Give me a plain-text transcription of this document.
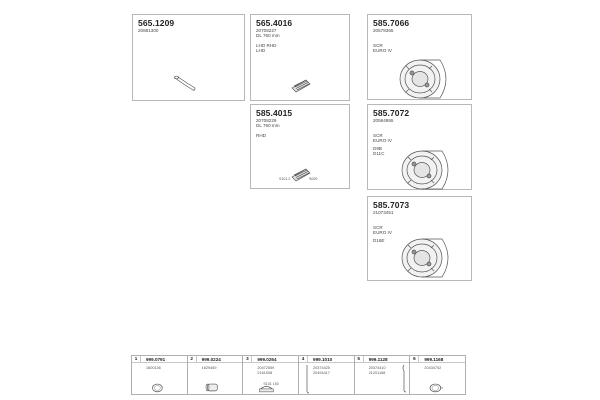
565.1209
20881300
565.4016
20708227
DL 760 mm
LHD RHD
LHD
585.7066
20578365
SCR
EURO IV
585.4015
20708229
DL 760 mm
RHD
S101.2	S009
585.7072
20584955
SCR
EURO IV
D9B
D11C
585.7073
21073451
SCR
EURO IV
D16E
1	999.0791
1600136
2	999.0224
1629469
3	999.0264
20472559
2161908
S101 150
4	999.1010
20374425
20494417
5	999.1128
20374410
21201168
6	999.1168
20434702
